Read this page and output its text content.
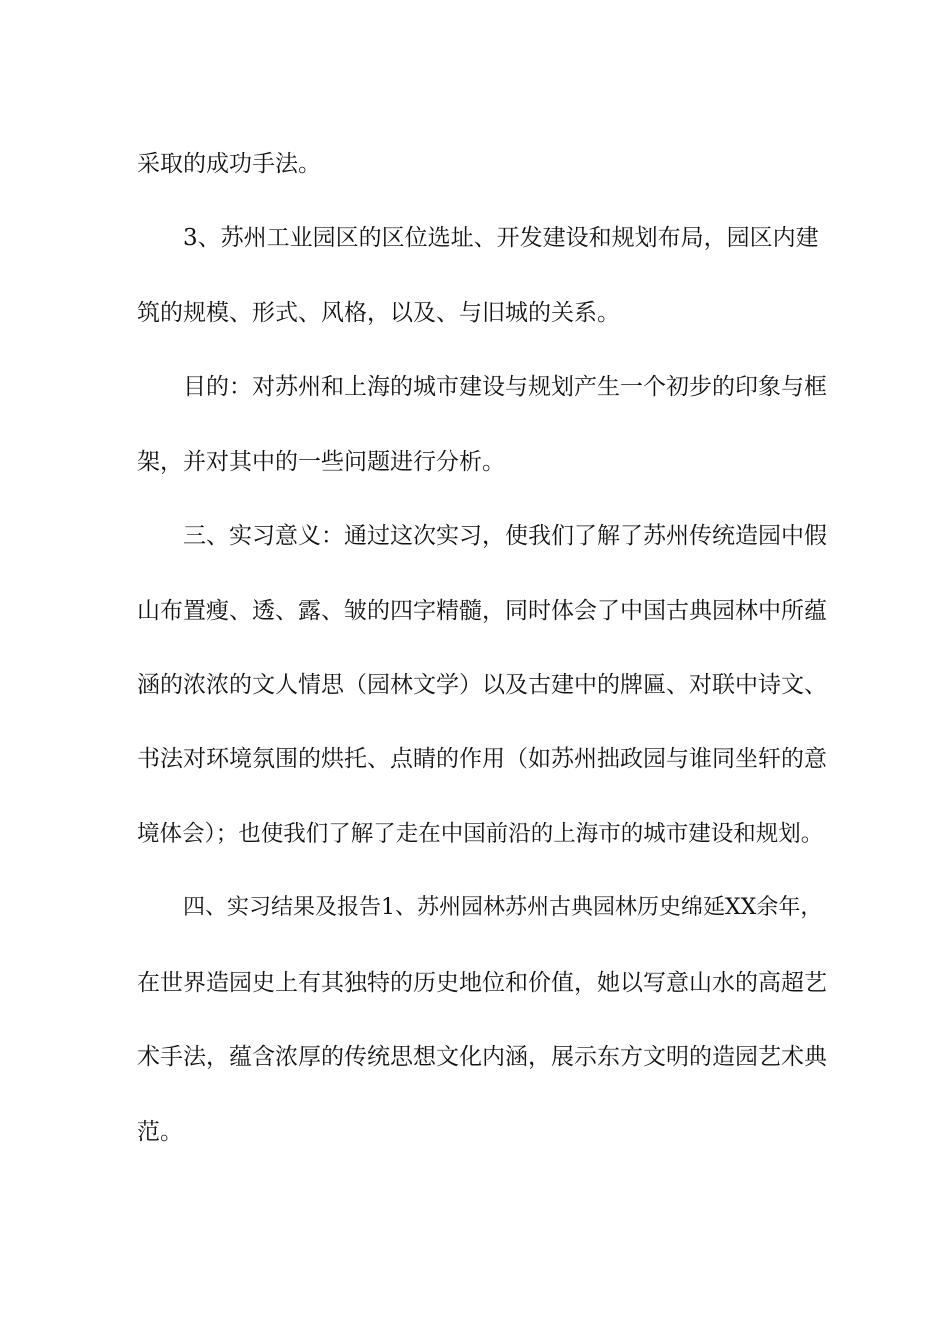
采取的成功手法。
3、苏州工业园区的区位选址、开发建设和规划布局，园区内建
筑的规模、形式、风格，以及、与旧城的关系。
目的：对苏州和上海的城市建设与规划产生一个初步的印象与框
架，并对其中的一些问题进行分析。
三、实习意义：通过这次实习，使我们了解了苏州传统造园中假
山布置瘦、透、露、皱的四字精髓，同时体会了中国古典园林中所蕴
涵的浓浓的文人情思（园林文学）以及古建中的牌匾、对联中诗文、
书法对环境氛围的烘托、点睛的作用（如苏州拙政园与谁同坐轩的意
境体会）；也使我们了解了走在中国前沿的上海市的城市建设和规划。
四、实习结果及报告1、苏州园林苏州古典园林历史绵延XX余年，
在世界造园史上有其独特的历史地位和价值，她以写意山水的高超艺
术手法，蕴含浓厚的传统思想文化内涵，展示东方文明的造园艺术典
范。
